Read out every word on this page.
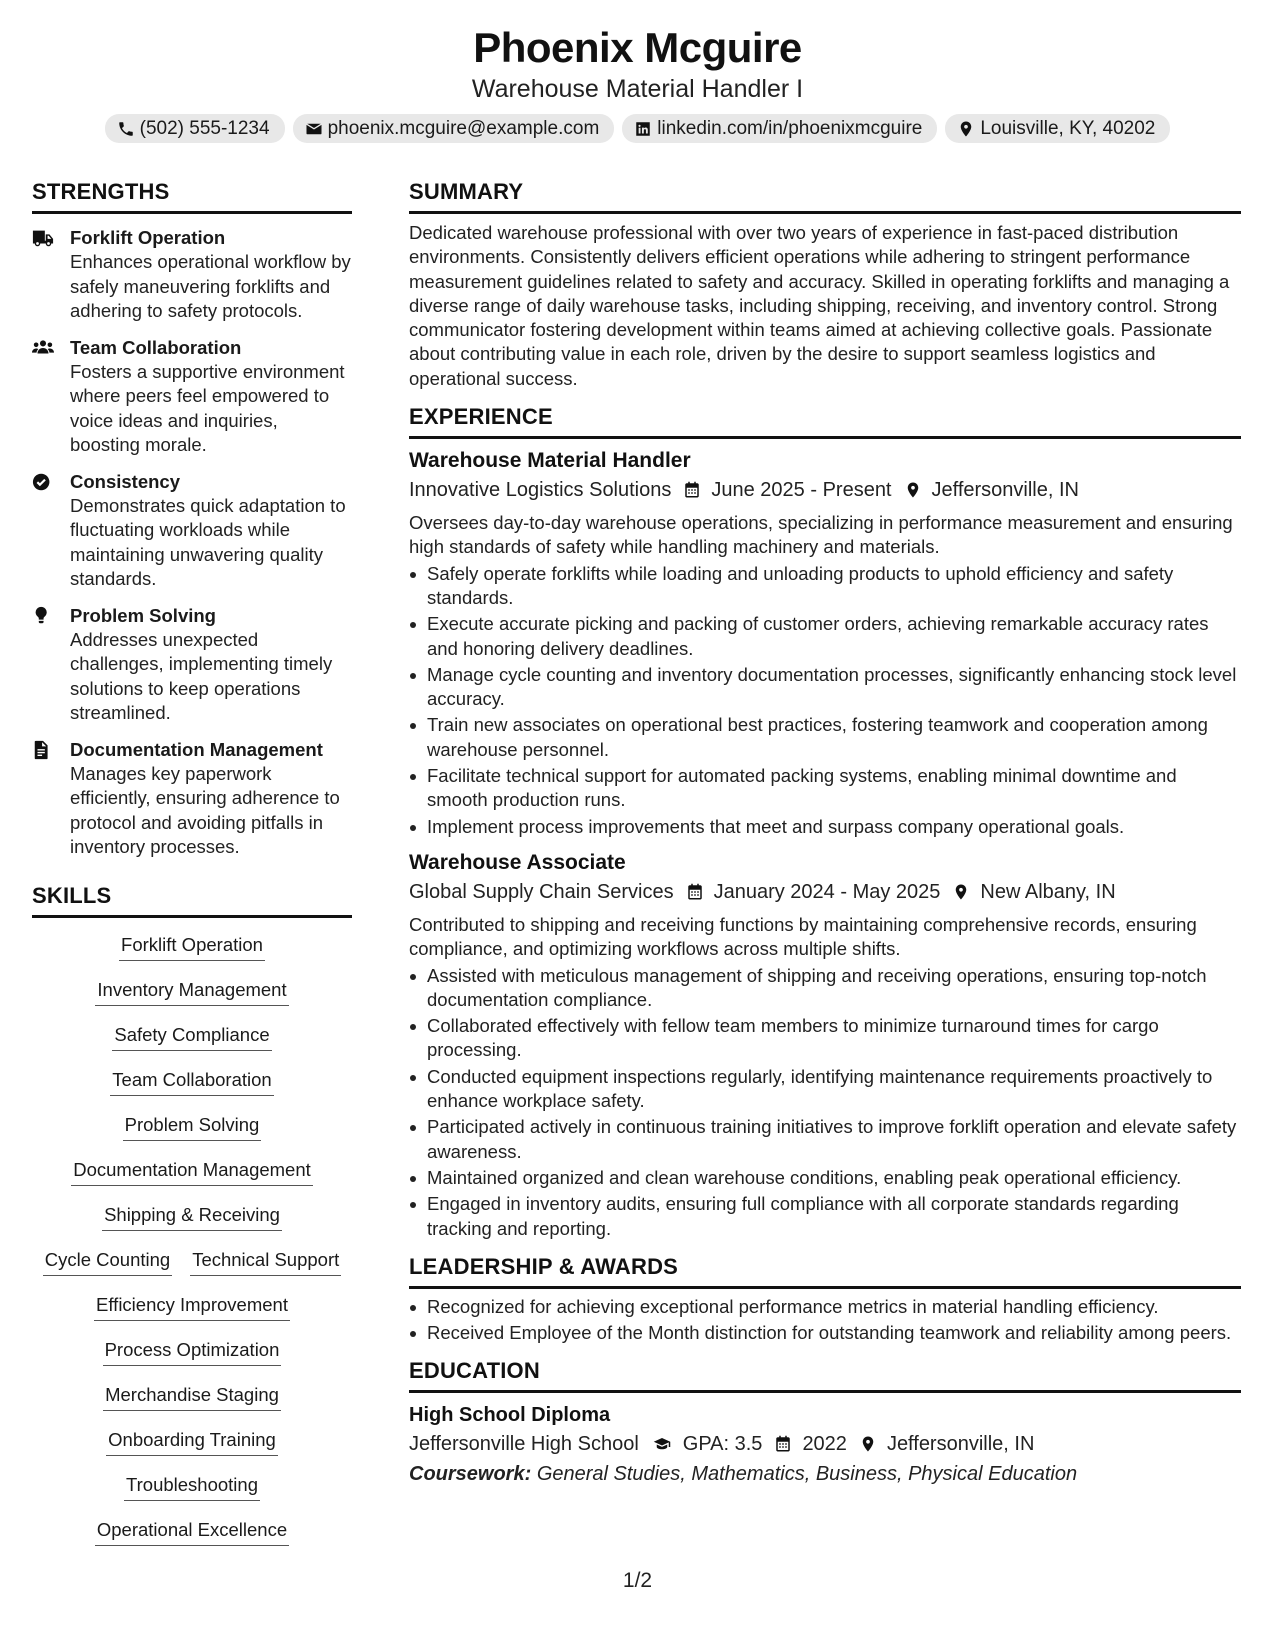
Phoenix Mcguire
Warehouse Material Handler I
(502) 555-1234	phoenix.mcguire@example.com	linkedin.com/in/phoenixmcguire	Louisville, KY, 40202
STRENGTHS
Forklift Operation
Enhances operational workflow by safely maneuvering forklifts and adhering to safety protocols.
Team Collaboration
Fosters a supportive environment where peers feel empowered to voice ideas and inquiries, boosting morale.
Consistency
Demonstrates quick adaptation to fluctuating workloads while maintaining unwavering quality standards.
Problem Solving
Addresses unexpected challenges, implementing timely solutions to keep operations streamlined.
Documentation Management
Manages key paperwork efficiently, ensuring adherence to protocol and avoiding pitfalls in inventory processes.
SKILLS
Forklift Operation
Inventory Management
Safety Compliance
Team Collaboration
Problem Solving
Documentation Management
Shipping & Receiving
Cycle Counting Technical Support
Efficiency Improvement
Process Optimization
Merchandise Staging
Onboarding Training
Troubleshooting
Operational Excellence
SUMMARY
Dedicated warehouse professional with over two years of experience in fast-paced distribution environments. Consistently delivers efficient operations while adhering to stringent performance measurement guidelines related to safety and accuracy. Skilled in operating forklifts and managing a diverse range of daily warehouse tasks, including shipping, receiving, and inventory control. Strong communicator fostering development within teams aimed at achieving collective goals. Passionate about contributing value in each role, driven by the desire to support seamless logistics and operational success.
EXPERIENCE
Warehouse Material Handler
Innovative Logistics Solutions June 2025 - Present Jeffersonville, IN
Oversees day-to-day warehouse operations, specializing in performance measurement and ensuring high standards of safety while handling machinery and materials.
Safely operate forklifts while loading and unloading products to uphold efficiency and safety standards.
Execute accurate picking and packing of customer orders, achieving remarkable accuracy rates and honoring delivery deadlines.
Manage cycle counting and inventory documentation processes, significantly enhancing stock level accuracy.
Train new associates on operational best practices, fostering teamwork and cooperation among warehouse personnel.
Facilitate technical support for automated packing systems, enabling minimal downtime and smooth production runs.
Implement process improvements that meet and surpass company operational goals.
Warehouse Associate
Global Supply Chain Services January 2024 - May 2025 New Albany, IN
Contributed to shipping and receiving functions by maintaining comprehensive records, ensuring compliance, and optimizing workflows across multiple shifts.
Assisted with meticulous management of shipping and receiving operations, ensuring top-notch documentation compliance.
Collaborated effectively with fellow team members to minimize turnaround times for cargo processing.
Conducted equipment inspections regularly, identifying maintenance requirements proactively to enhance workplace safety.
Participated actively in continuous training initiatives to improve forklift operation and elevate safety awareness.
Maintained organized and clean warehouse conditions, enabling peak operational efficiency.
Engaged in inventory audits, ensuring full compliance with all corporate standards regarding tracking and reporting.
LEADERSHIP & AWARDS
Recognized for achieving exceptional performance metrics in material handling efficiency.
Received Employee of the Month distinction for outstanding teamwork and reliability among peers.
EDUCATION
High School Diploma
Jeffersonville High School GPA: 3.5 2022 Jeffersonville, IN
Coursework: General Studies, Mathematics, Business, Physical Education
1/2
